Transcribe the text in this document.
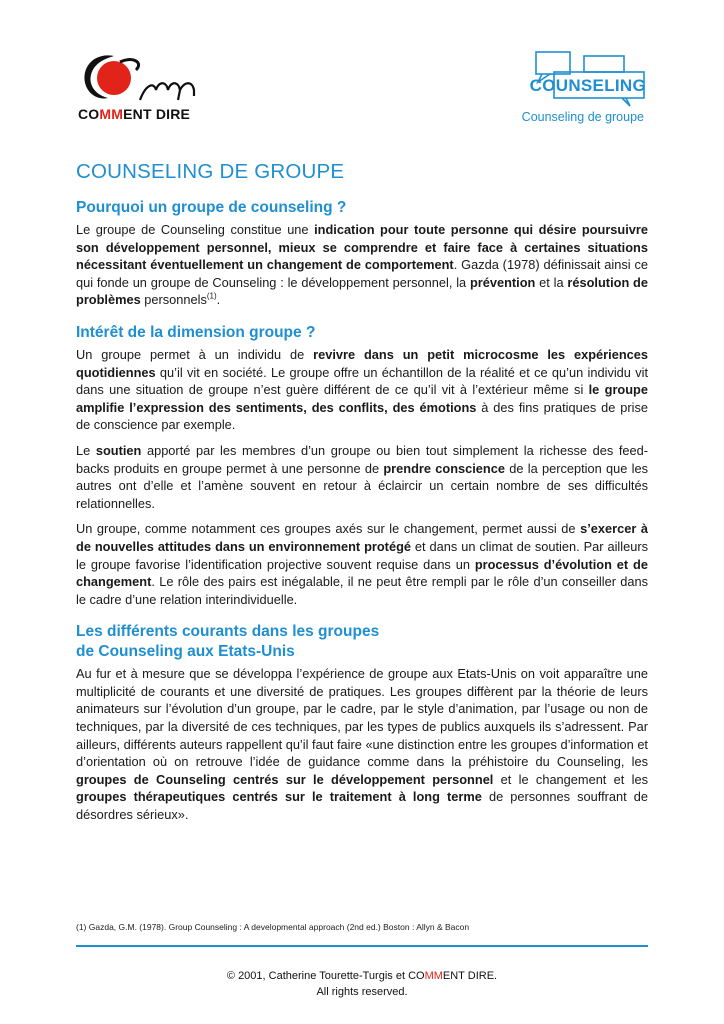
COMMENT DIRE
COUNSELING
Counseling de groupe
COUNSELING DE GROUPE
Pourquoi un groupe de counseling ?

Le groupe de Counseling constitue une indication pour toute personne qui désire poursuivre son développement personnel, mieux se comprendre et faire face à certaines situations nécessitant éventuellement un changement de comportement. Gazda (1978) définissait ainsi ce qui fonde un groupe de Counseling : le développement personnel, la prévention et la résolution de problèmes personnels$^{(1)}$.

Intérêt de la dimension groupe ?

Un groupe permet à un individu de revivre dans un petit microcosme les expériences quotidiennes qu’il vit en société. Le groupe offre un échantillon de la réalité et ce qu’un individu vit dans une situation de groupe n’est guère différent de ce qu’il vit à l’extérieur même si le groupe amplifie l’expression des sentiments, des conflits, des émotions à des fins pratiques de prise de conscience par exemple.

Le soutien apporté par les membres d’un groupe ou bien tout simplement la richesse des feed-backs produits en groupe permet à une personne de prendre conscience de la perception que les autres ont d’elle et l’amène souvent en retour à éclaircir un certain nombre de ses difficultés relationnelles.

Un groupe, comme notamment ces groupes axés sur le changement, permet aussi de s’exercer à de nouvelles attitudes dans un environnement protégé et dans un climat de soutien. Par ailleurs le groupe favorise l’identification projective souvent requise dans un processus d’évolution et de changement. Le rôle des pairs est inégalable, il ne peut être rempli par le rôle d’un conseiller dans le cadre d’une relation interindividuelle.

Les différents courants dans les groupes
de Counseling aux Etats-Unis

Au fur et à mesure que se développa l’expérience de groupe aux Etats-Unis on voit apparaître une multiplicité de courants et une diversité de pratiques. Les groupes diffèrent par la théorie de leurs animateurs sur l’évolution d’un groupe, par le cadre, par le style d’animation, par l’usage ou non de techniques, par la diversité de ces techniques, par les types de publics auxquels ils s’adressent. Par ailleurs, différents auteurs rappellent qu’il faut faire «une distinction entre les groupes d’information et d’orientation où on retrouve l’idée de guidance comme dans la préhistoire du Counseling, les groupes de Counseling centrés sur le développement personnel et le changement et les groupes thérapeutiques centrés sur le traitement à long terme de personnes souffrant de désordres sérieux».

(1) Gazda, G.M. (1978). Group Counseling : A developmental approach (2nd ed.) Boston : Allyn & Bacon
© 2001, Catherine Tourette-Turgis et COMMENT DIRE.
All rights reserved.
